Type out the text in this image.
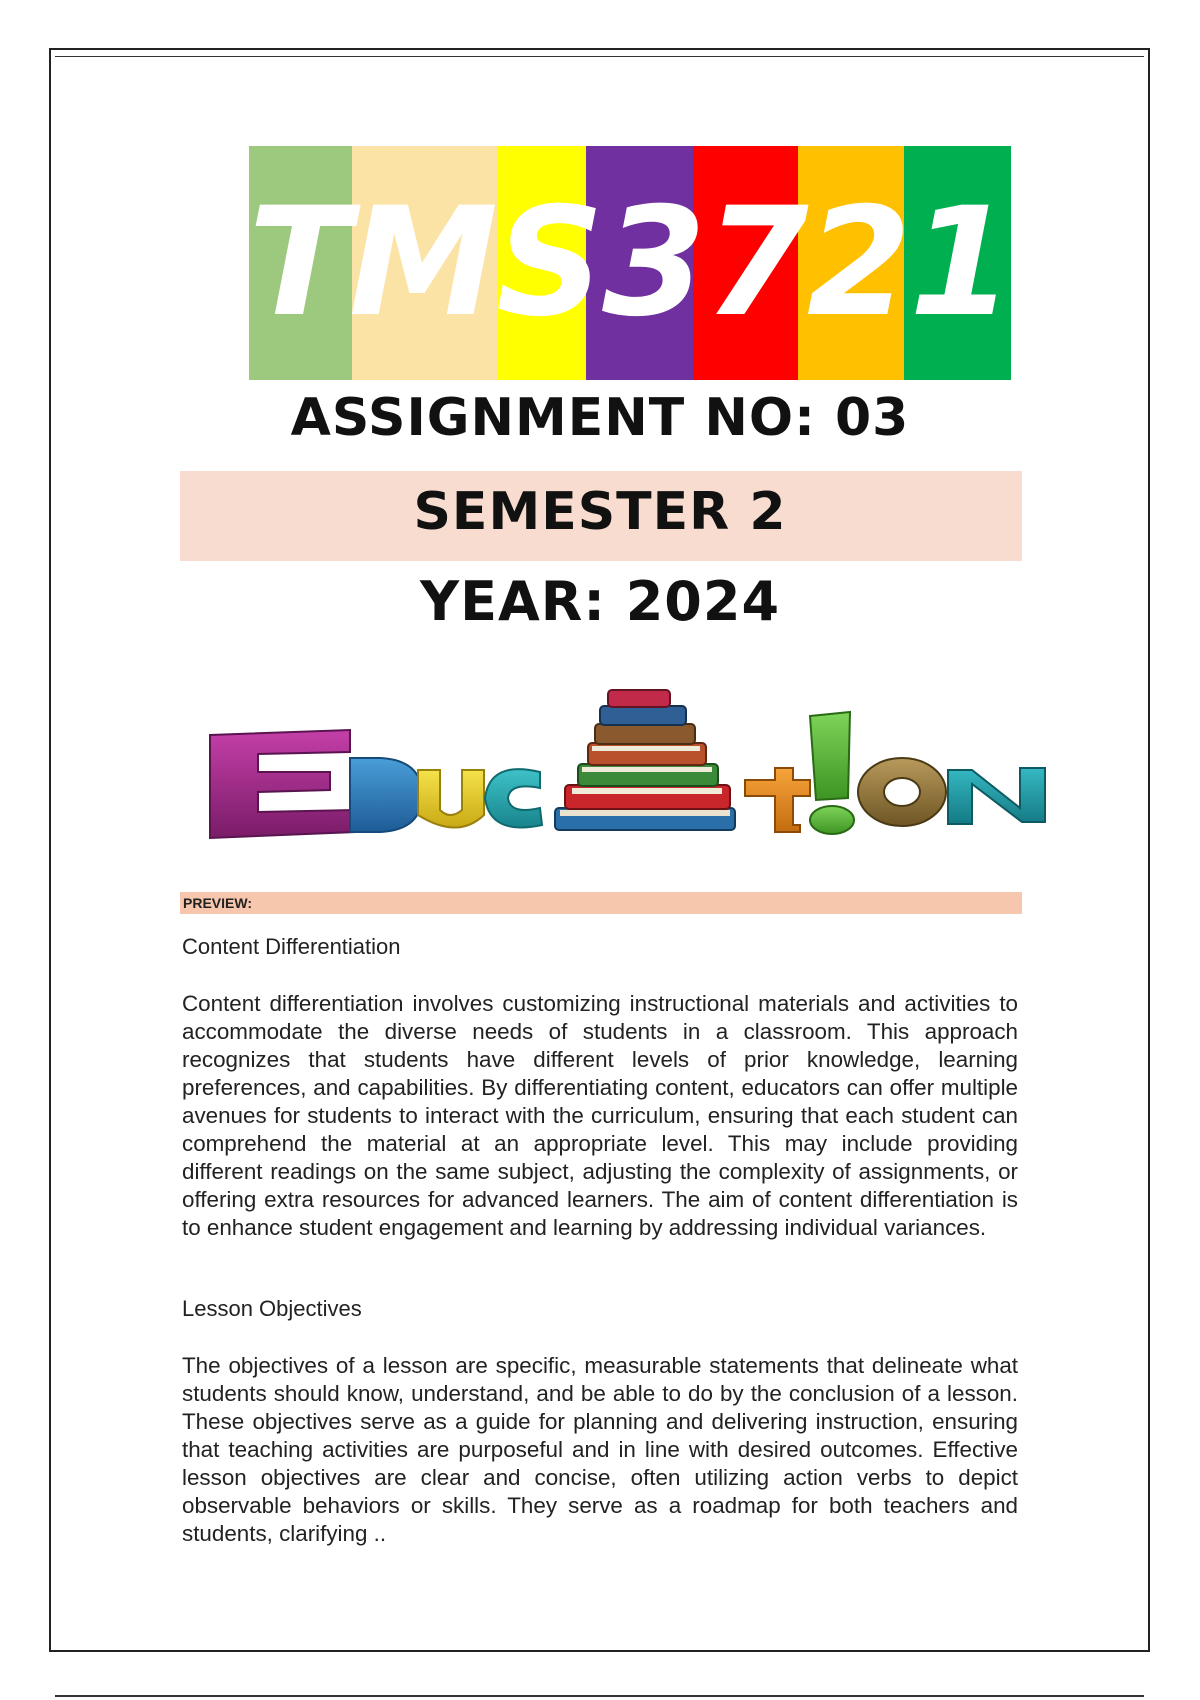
TMS3721
ASSIGNMENT NO: 03
SEMESTER 2
YEAR: 2024
PREVIEW:
Content Differentiation
Content differentiation involves customizing instructional materials and activities to accommodate the diverse needs of students in a classroom. This approach recognizes that students have different levels of prior knowledge, learning preferences, and capabilities. By differentiating content, educators can offer multiple avenues for students to interact with the curriculum, ensuring that each student can comprehend the material at an appropriate level. This may include providing different readings on the same subject, adjusting the complexity of assignments, or offering extra resources for advanced learners. The aim of content differentiation is to enhance student engagement and learning by addressing individual variances.
Lesson Objectives
The objectives of a lesson are specific, measurable statements that delineate what students should know, understand, and be able to do by the conclusion of a lesson. These objectives serve as a guide for planning and delivering instruction, ensuring that teaching activities are purposeful and in line with desired outcomes. Effective lesson objectives are clear and concise, often utilizing action verbs to depict observable behaviors or skills. They serve as a roadmap for both teachers and students, clarifying ..
